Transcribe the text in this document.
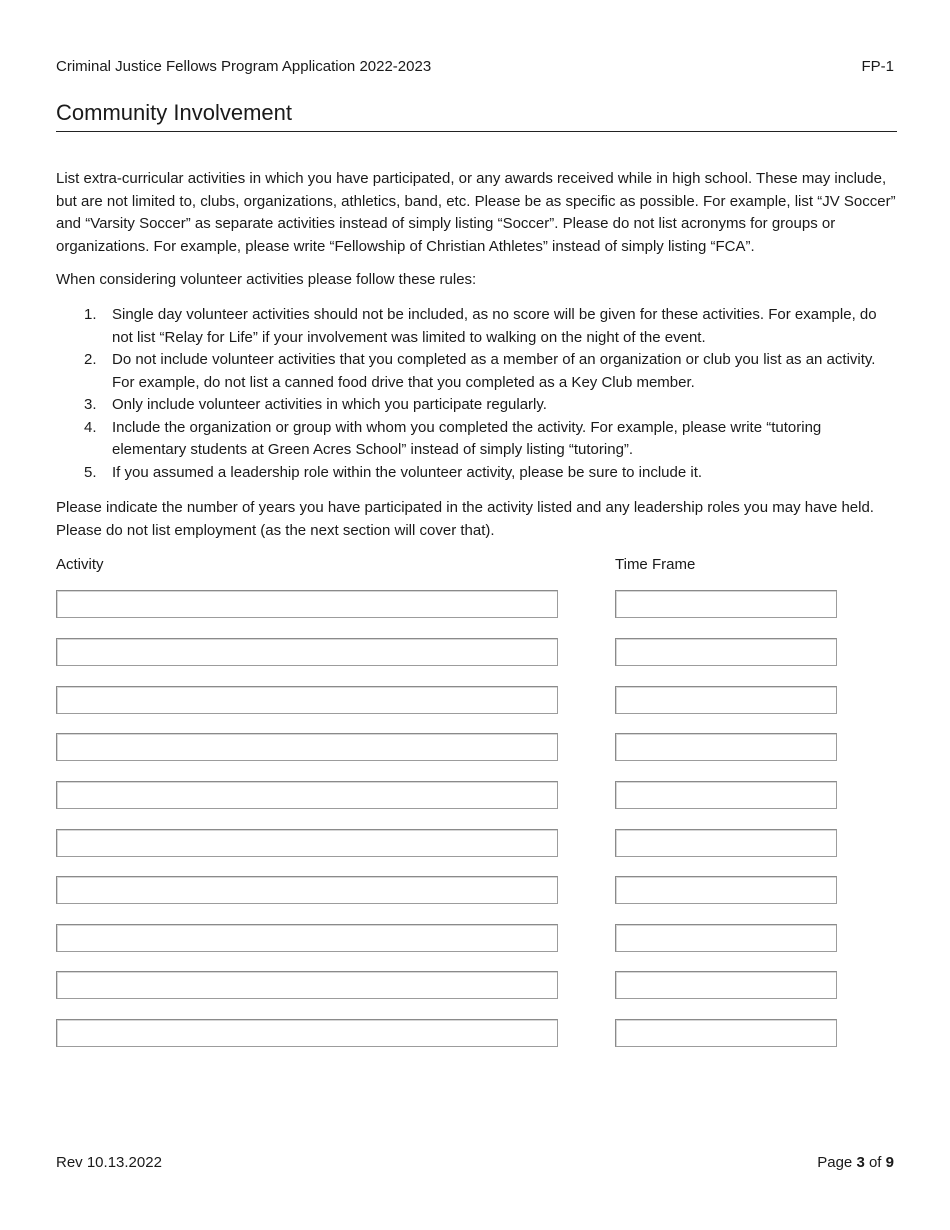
Criminal Justice Fellows Program Application 2022-2023	FP-1
Community Involvement
List extra-curricular activities in which you have participated, or any awards received while in high school. These may include, but are not limited to, clubs, organizations, athletics, band, etc. Please be as specific as possible. For example, list “JV Soccer” and “Varsity Soccer” as separate activities instead of simply listing “Soccer”. Please do not list acronyms for groups or organizations. For example, please write “Fellowship of Christian Athletes” instead of simply listing “FCA”.
When considering volunteer activities please follow these rules:
1. Single day volunteer activities should not be included, as no score will be given for these activities. For example, do not list “Relay for Life” if your involvement was limited to walking on the night of the event.
2. Do not include volunteer activities that you completed as a member of an organization or club you list as an activity. For example, do not list a canned food drive that you completed as a Key Club member.
3. Only include volunteer activities in which you participate regularly.
4. Include the organization or group with whom you completed the activity. For example, please write “tutoring elementary students at Green Acres School” instead of simply listing “tutoring”.
5. If you assumed a leadership role within the volunteer activity, please be sure to include it.
Please indicate the number of years you have participated in the activity listed and any leadership roles you may have held. Please do not list employment (as the next section will cover that).
Activity	Time Frame
Rev 10.13.2022	Page 3 of 9
